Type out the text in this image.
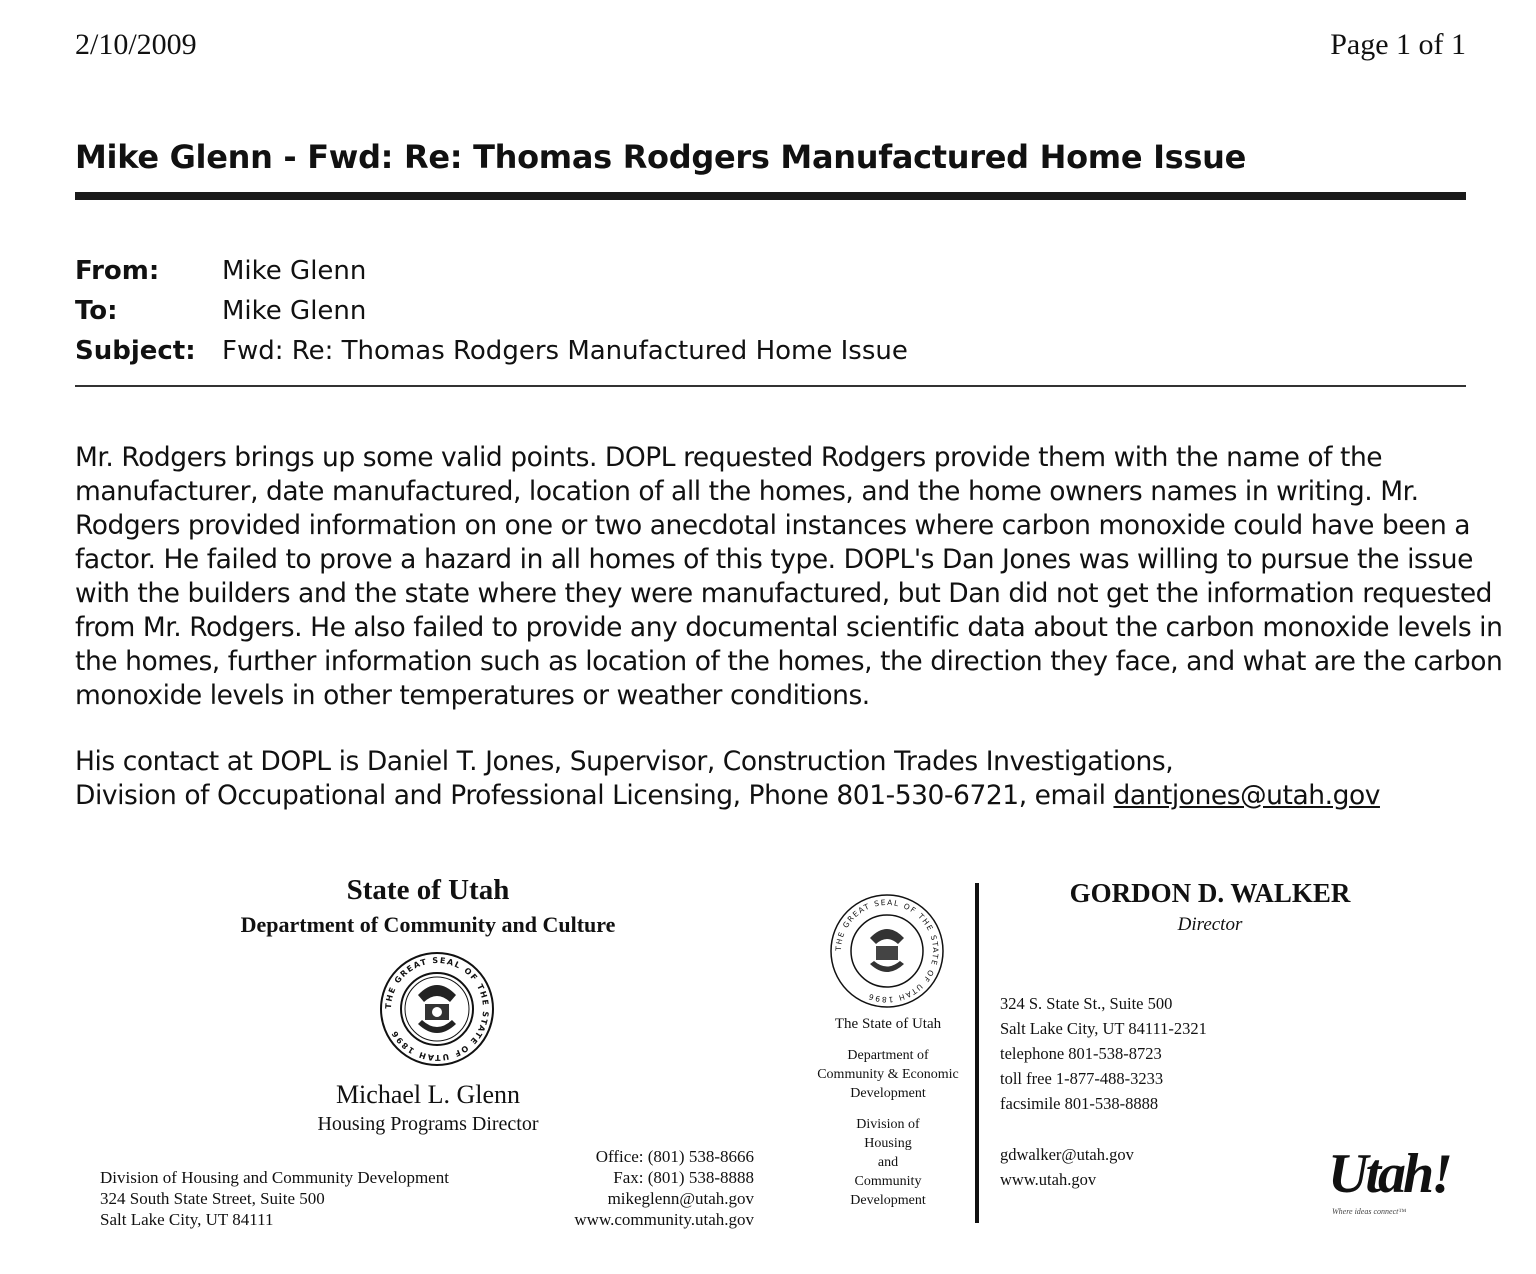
2/10/2009	Page 1 of 1
Mike Glenn - Fwd: Re: Thomas Rodgers Manufactured Home Issue
From: Mike Glenn
To:	Mike Glenn
Subject: Fwd: Re: Thomas Rodgers Manufactured Home Issue
Mr. Rodgers brings up some valid points. DOPL requested Rodgers provide them with the name of the
manufacturer, date manufactured, location of all the homes, and the home owners names in writing. Mr.
Rodgers provided information on one or two anecdotal instances where carbon monoxide could have been a
factor. He failed to prove a hazard in all homes of this type. DOPL's Dan Jones was willing to pursue the issue
with the builders and the state where they were manufactured, but Dan did not get the information requested
from Mr. Rodgers. He also failed to provide any documental scientific data about the carbon monoxide levels in
the homes, further information such as location of the homes, the direction they face, and what are the carbon
monoxide levels in other temperatures or weather conditions.
His contact at DOPL is Daniel T. Jones, Supervisor, Construction Trades Investigations,
Division of Occupational and Professional Licensing, Phone 801-530-6721, email dantjones@utah.gov
State of Utah
Department of Community and Culture
THE GREAT SEAL OF THE STATE OF UTAH 1896
Michael L. Glenn
Housing Programs Director
Division of Housing and Community Development
324 South State Street, Suite 500
Salt Lake City, UT 84111
Office: (801) 538-8666
Fax: (801) 538-8888
mikeglenn@utah.gov
www.community.utah.gov
THE GREAT SEAL OF THE STATE OF UTAH 1896
The State of Utah
Department of
Community & Economic
Development
Division of
Housing
and
Community
Development
GORDON D. WALKER
Director
324 S. State St., Suite 500
Salt Lake City, UT 84111-2321
telephone 801-538-8723
toll free 1-877-488-3233
facsimile 801-538-8888
gdwalker@utah.gov
www.utah.gov	Utah!
Where ideas connect™
